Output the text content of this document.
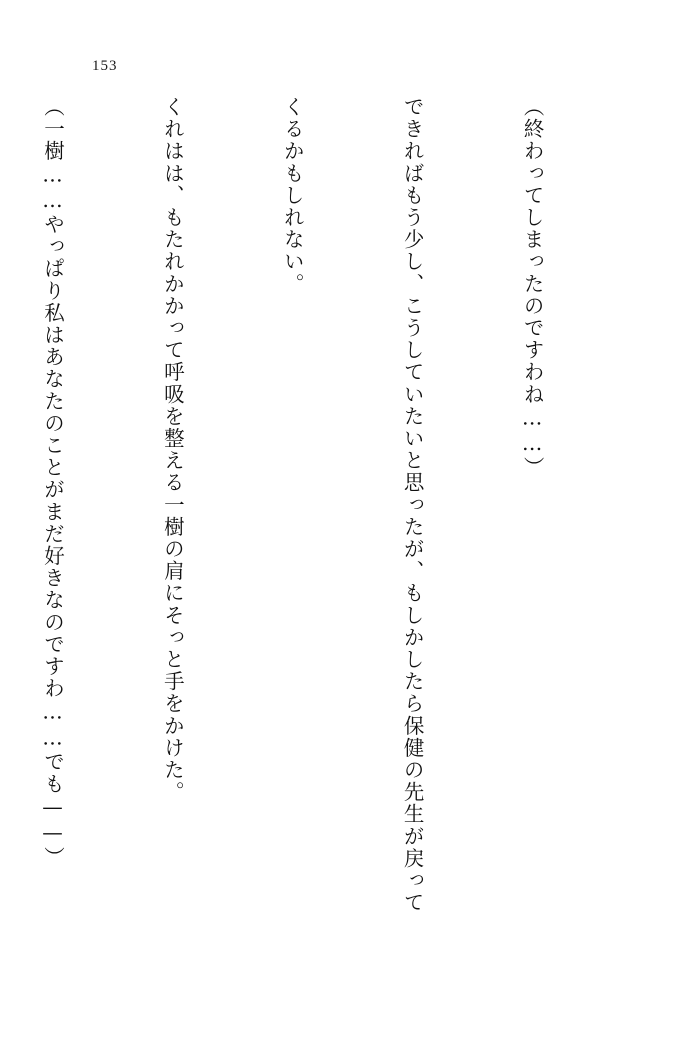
153

（終わってしまったのですわね……）

できればもう少し、こうしていたいと思ったが、もしかしたら保健の先生が戻って

くるかもしれない。

くれはは、もたれかかって呼吸を整える一樹の肩にそっと手をかけた。

（一樹……やっぱり私はあなたのことがまだ好きなのですわ……でも——）
